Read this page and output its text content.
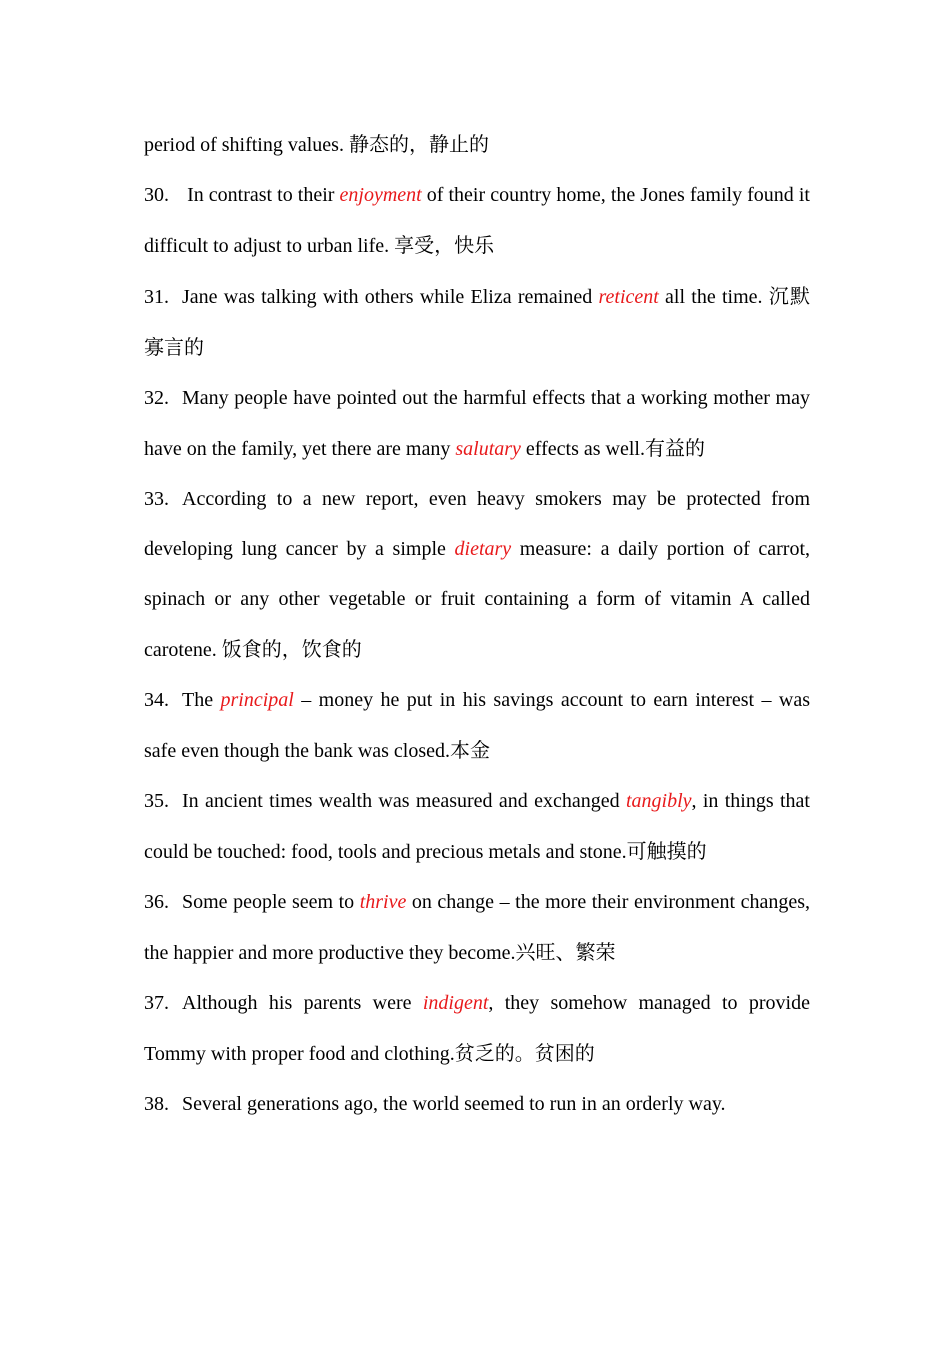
period of shifting values. 静态的，静止的

30. In contrast to their enjoyment of their country home, the Jones family found it difficult to adjust to urban life. 享受，快乐

31. Jane was talking with others while Eliza remained reticent all the time. 沉默寡言的

32. Many people have pointed out the harmful effects that a working mother may have on the family, yet there are many salutary effects as well.有益的

33. According to a new report, even heavy smokers may be protected from developing lung cancer by a simple dietary measure: a daily portion of carrot, spinach or any other vegetable or fruit containing a form of vitamin A called carotene. 饭食的，饮食的

34. The principal – money he put in his savings account to earn interest – was safe even though the bank was closed.本金

35. In ancient times wealth was measured and exchanged tangibly, in things that could be touched: food, tools and precious metals and stone.可触摸的

36. Some people seem to thrive on change – the more their environment changes, the happier and more productive they become.兴旺、繁荣

37. Although his parents were indigent, they somehow managed to provide Tommy with proper food and clothing.贫乏的。贫困的

38. Several generations ago, the world seemed to run in an orderly way.
